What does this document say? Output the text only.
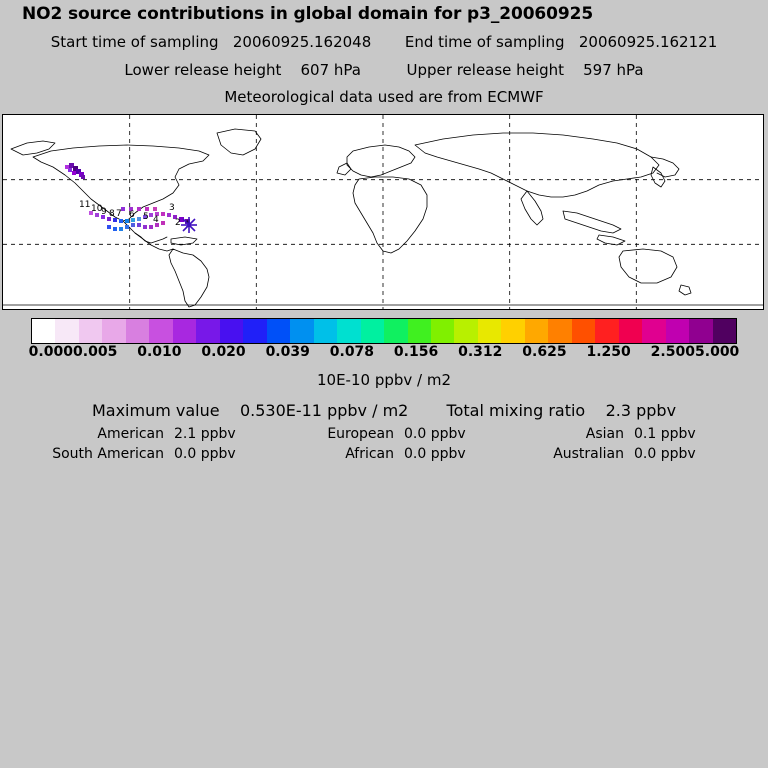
NO2 source contributions in global domain for p3_20060925
Start time of sampling 20060925.162048 End time of sampling 20060925.162121
Lower release height 607 hPa	Upper release height 597 hPa
Meteorological data used are from ECMWF
11 10
9 8 7 6 5 4
3
2 1
0.000 0.005 0.010 0.020 0.039 0.078 0.156 0.312 0.625 1.250 2.500 5.000
10E-10 ppbv / m2
Maximum value 0.530E-11 ppbv / m2 Total mixing ratio 2.3 ppbv
American 2.1 ppbv	European 0.0 ppbv	Asian 0.1 ppbv
South American 0.0 ppbv	African 0.0 ppbv	Australian 0.0 ppbv
